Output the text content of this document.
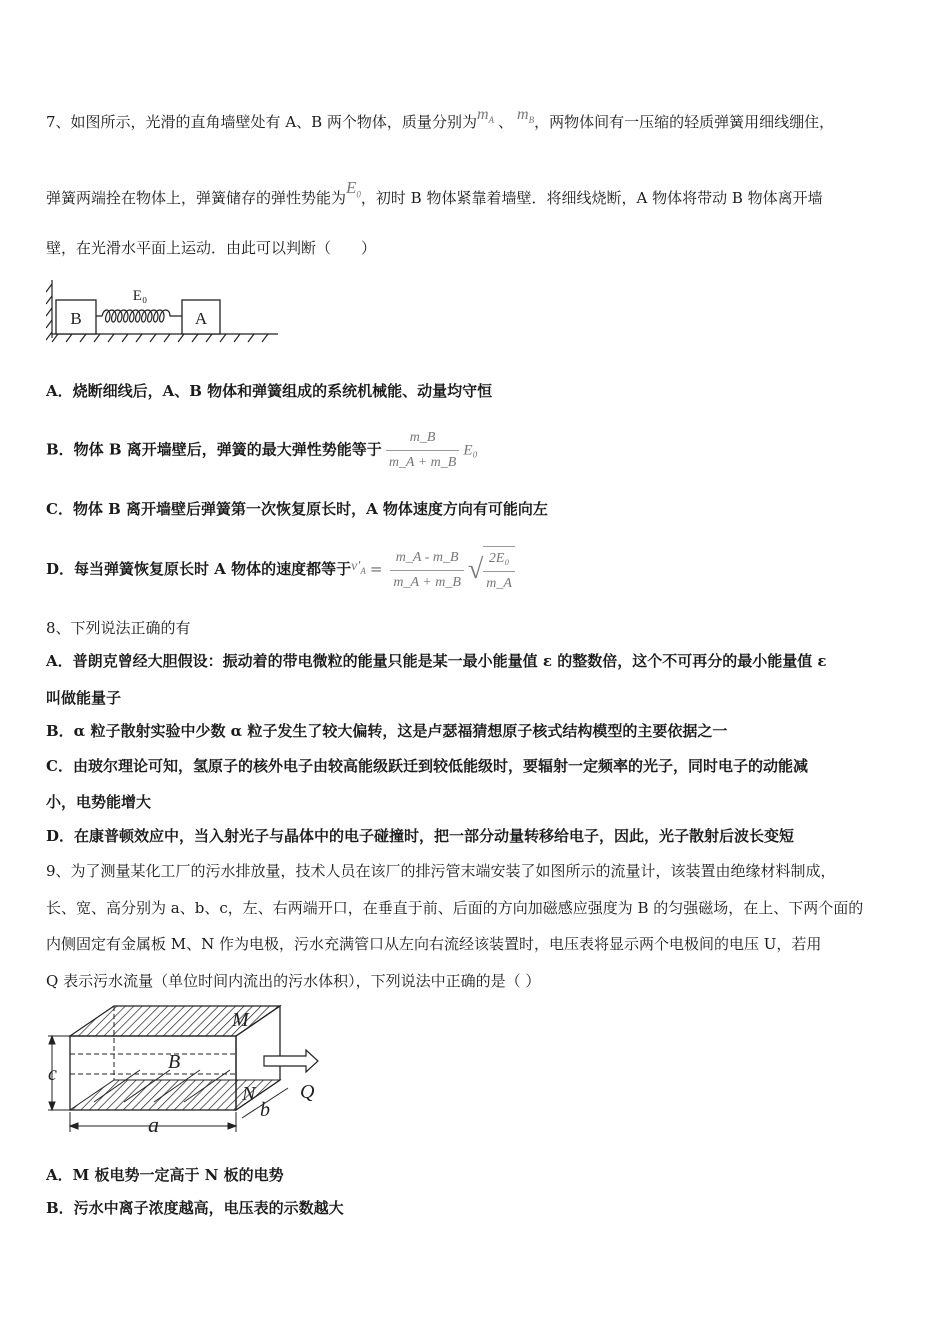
7、如图所示，光滑的直角墙壁处有 A、B 两个物体，质量分别为$m_A$ 、 $m_B$，两物体间有一压缩的轻质弹簧用细线绷住，
弹簧两端拴在物体上，弹簧储存的弹性势能为$E_0$，初时 B 物体紧靠着墙壁．将细线烧断，A 物体将带动 B 物体离开墙
壁，在光滑水平面上运动．由此可以判断（　　）
B
E₀
A
A．烧断细线后，A、B 物体和弹簧组成的系统机械能、动量均守恒
B．物体 B 离开墙壁后，弹簧的最大弹性势能等于 $\frac{m\_B}{m\_A + m\_B} E_0$
C．物体 B 离开墙壁后弹簧第一次恢复原长时，A 物体速度方向有可能向左
D．每当弹簧恢复原长时 A 物体的速度都等于$v'_A = \frac{m\_A - m\_B}{m\_A + m\_B}$ √ $\frac{\text{2E₀}}{m\_A}$
8、下列说法正确的有
A．普朗克曾经大胆假设：振动着的带电微粒的能量只能是某一最小能量值 ε 的整数倍，这个不可再分的最小能量值 ε
叫做能量子
B．α 粒子散射实验中少数 α 粒子发生了较大偏转，这是卢瑟福猜想原子核式结构模型的主要依据之一
C．由玻尔理论可知，氢原子的核外电子由较高能级跃迁到较低能级时，要辐射一定频率的光子，同时电子的动能减
小，电势能增大
D．在康普顿效应中，当入射光子与晶体中的电子碰撞时，把一部分动量转移给电子，因此，光子散射后波长变短
9、为了测量某化工厂的污水排放量，技术人员在该厂的排污管末端安装了如图所示的流量计，该装置由绝缘材料制成，
长、宽、高分别为 a、b、c，左、右两端开口，在垂直于前、后面的方向加磁感应强度为 B 的匀强磁场，在上、下两个面的
内侧固定有金属板 M、N 作为电极，污水充满管口从左向右流经该装置时，电压表将显示两个电极间的电压 U，若用
Q 表示污水流量（单位时间内流出的污水体积），下列说法中正确的是（ ）
M
N
B
Q
c
a
b
A．M 板电势一定高于 N 板的电势
B．污水中离子浓度越高，电压表的示数越大
